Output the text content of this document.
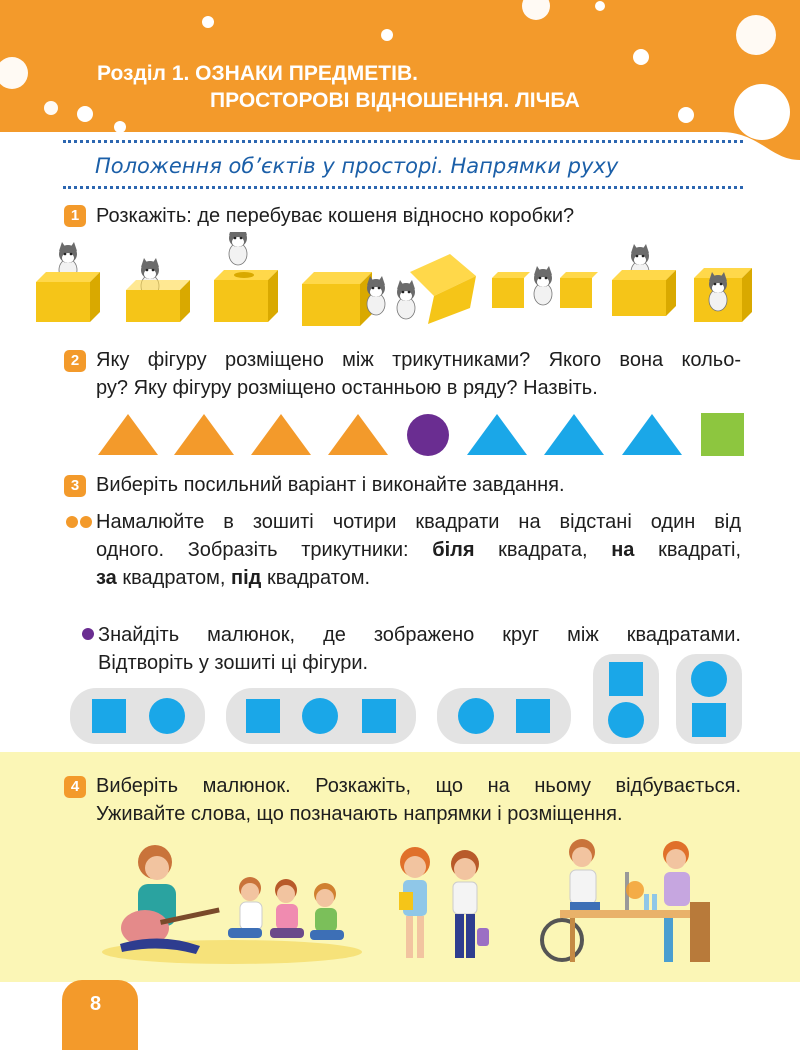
Розділ 1. ОЗНАКИ ПРЕДМЕТІВ.
ПРОСТОРОВІ ВІДНОШЕННЯ. ЛІЧБА
Положення об’єктів у просторі. Напрямки руху
1 Розкажіть: де перебуває кошеня відносно коробки?
2 Яку фігуру розміщено між трикутниками? Якого вона кольо-
ру? Яку фігуру розміщено останньою в ряду? Назвіть.
3 Виберіть посильний варіант і виконайте завдання.
Намалюйте в зошиті чотири квадрати на відстані один від
одного. Зобразіть трикутники: біля квадрата, на квадраті,
за квадратом, під квадратом.
Знайдіть малюнок, де зображено круг між квадратами.
Відтворіть у зошиті ці фігури.
4 Виберіть малюнок. Розкажіть, що на ньому відбувається.
Уживайте слова, що позначають напрямки і розміщення.
8
